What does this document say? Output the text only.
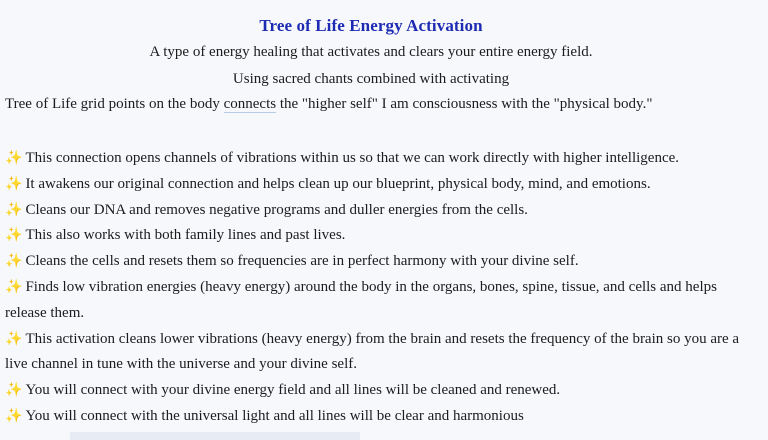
Tree of Life Energy Activation
A type of energy healing that activates and clears your entire energy field.
Using sacred chants combined with activating
Tree of Life grid points on the body connects the "higher self" I am consciousness with the "physical body."

✨ This connection opens channels of vibrations within us so that we can work directly with higher intelligence.

✨ It awakens our original connection and helps clean up our blueprint, physical body, mind, and emotions.

✨ Cleans our DNA and removes negative programs and duller energies from the cells.

✨ This also works with both family lines and past lives.

✨ Cleans the cells and resets them so frequencies are in perfect harmony with your divine self.

✨ Finds low vibration energies (heavy energy) around the body in the organs, bones, spine, tissue, and cells and helps release them.

✨ This activation cleans lower vibrations (heavy energy) from the brain and resets the frequency of the brain so you are a live channel in tune with the universe and your divine self.

✨ You will connect with your divine energy field and all lines will be cleaned and renewed.

✨ You will connect with the universal light and all lines will be clear and harmonious
